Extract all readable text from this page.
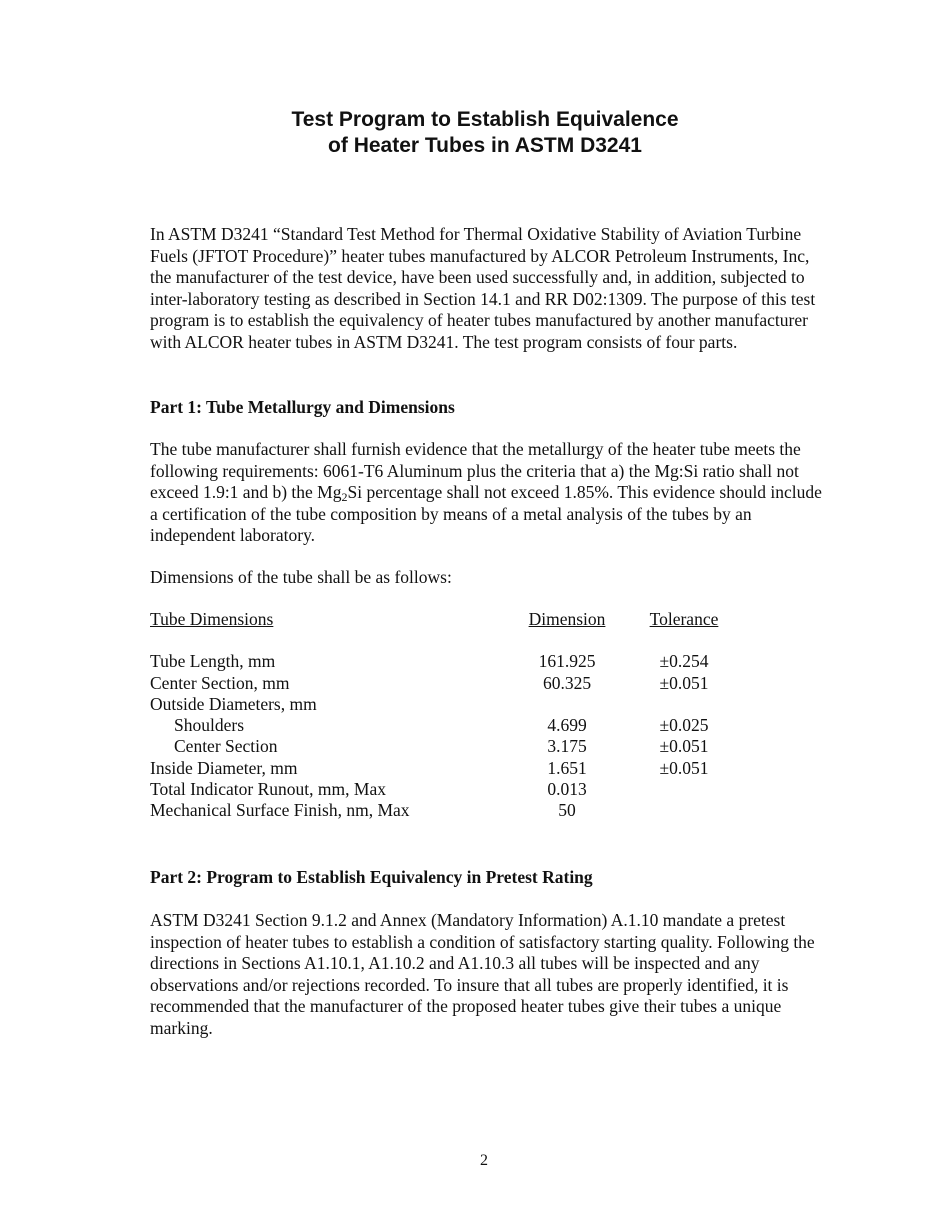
Test Program to Establish Equivalence
of Heater Tubes in ASTM D3241

In ASTM D3241 “Standard Test Method for Thermal Oxidative Stability of Aviation Turbine Fuels (JFTOT Procedure)” heater tubes manufactured by ALCOR Petroleum Instruments, Inc, the manufacturer of the test device, have been used successfully and, in addition, subjected to inter-laboratory testing as described in Section 14.1 and RR D02:1309. The purpose of this test program is to establish the equivalency of heater tubes manufactured by another manufacturer with ALCOR heater tubes in ASTM D3241. The test program consists of four parts.

Part 1: Tube Metallurgy and Dimensions

The tube manufacturer shall furnish evidence that the metallurgy of the heater tube meets the following requirements: 6061-T6 Aluminum plus the criteria that a) the Mg:Si ratio shall not exceed 1.9:1 and b) the $Mg_2Si$ percentage shall not exceed 1.85%. This evidence should include a certification of the tube composition by means of a metal analysis of the tubes by an independent laboratory.

Dimensions of the tube shall be as follows:

Tube Dimensions	Dimension	Tolerance
Tube Length, mm	161.925	±0.254
Center Section, mm	60.325	±0.051
Outside Diameters, mm
Shoulders	4.699	±0.025
Center Section	3.175	±0.051
Inside Diameter, mm	1.651	±0.051
Total Indicator Runout, mm, Max	0.013
Mechanical Surface Finish, nm, Max	50

Part 2: Program to Establish Equivalency in Pretest Rating

ASTM D3241 Section 9.1.2 and Annex (Mandatory Information) A.1.10 mandate a pretest inspection of heater tubes to establish a condition of satisfactory starting quality. Following the directions in Sections A1.10.1, A1.10.2 and A1.10.3 all tubes will be inspected and any observations and/or rejections recorded. To insure that all tubes are properly identified, it is recommended that the manufacturer of the proposed heater tubes give their tubes a unique marking.

2
